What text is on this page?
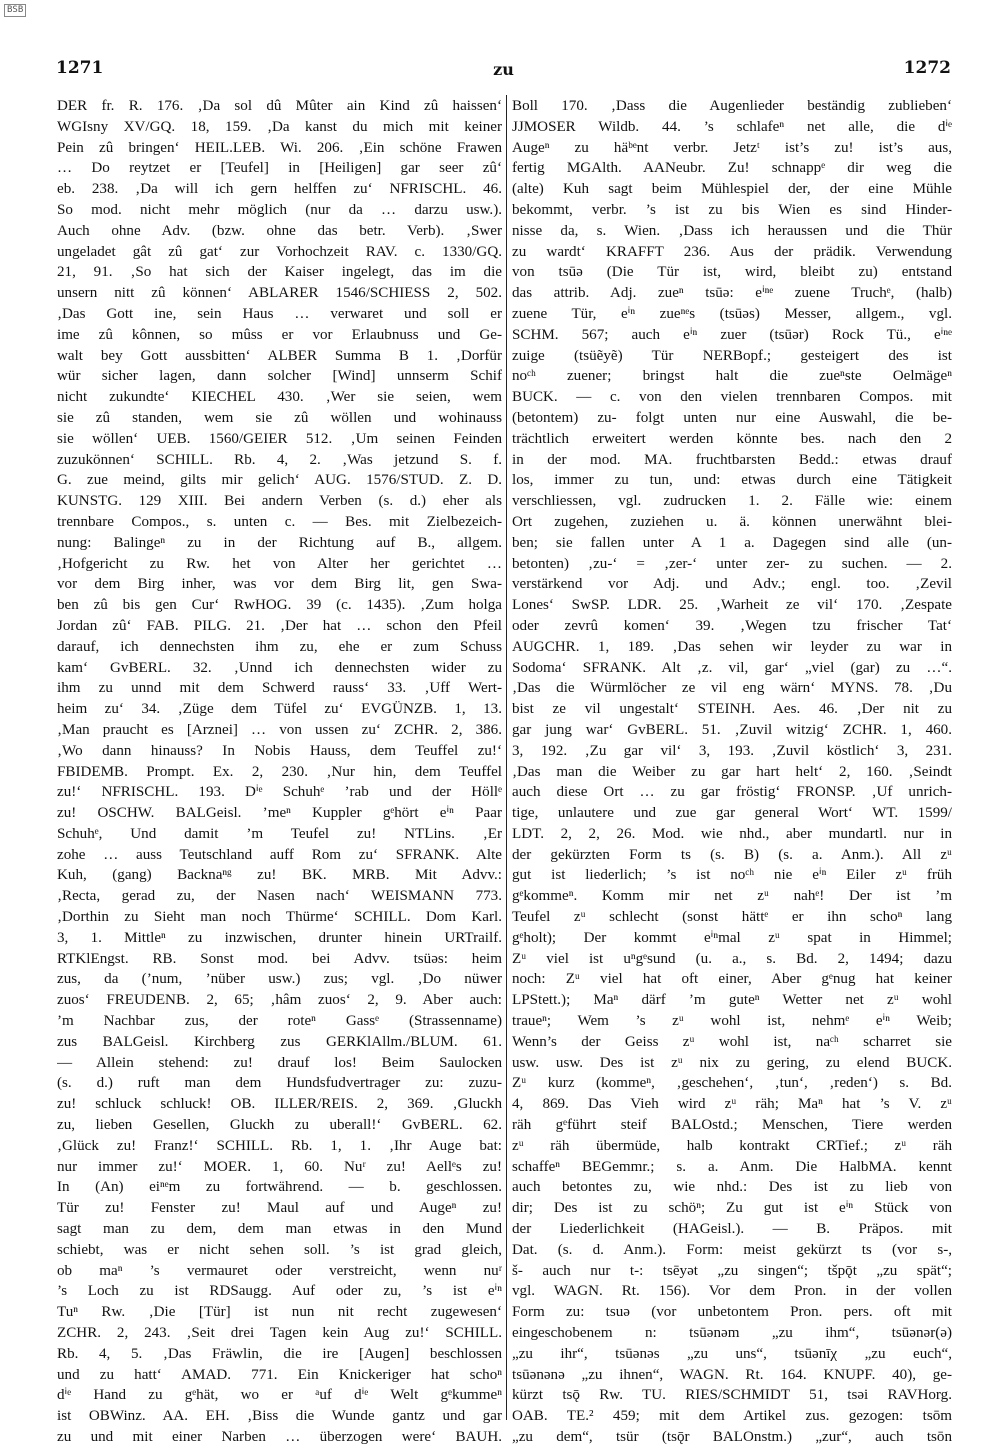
BSB
1271	zu	1272
DER fr. R. 176. ‚Da sol dû Mûter ain Kind zû haissen‘
WGIsny XV/GQ. 18, 159. ‚Da kanst du mich mit keiner
Pein zû bringen‘ HEIL.LEB. Wi. 206. ‚Ein schöne Frawen
… Do reytzet er [Teufel] in [Heiligen] gar seer zû‘
eb. 238. ‚Da will ich gern helffen zu‘ NFRISCHL. 46.
So mod. nicht mehr möglich (nur da … darzu usw.).
Auch ohne Adv. (bzw. ohne das betr. Verb). ‚Swer
ungeladet gât zû gat‘ zur Vorhochzeit RAV. c. 1330/GQ.
21, 91. ‚So hat sich der Kaiser ingelegt, das im die
unsern nitt zû können‘ ABLARER 1546/SCHIESS 2, 502.
‚Das Gott ine, sein Haus … verwaret und soll er
ime zû kônnen, so mûss er vor Erlaubnuss und Ge-
walt bey Gott aussbitten‘ ALBER Summa B 1. ‚Dorfür
wür sicher lagen, dann solcher [Wind] unnserm Schif
nicht zukundte‘ KIECHEL 430. ‚Wer sie seien, wem
sie zû standen, wem sie zû wöllen und wohinauss
sie wöllen‘ UEB. 1560/GEIER 512. ‚Um seinen Feinden
zuzukönnen‘ SCHILL. Rb. 4, 2. ‚Was jetzund S. f.
G. zue meind, gilts mir gelich‘ AUG. 1576/STUD. Z. D.
KUNSTG. 129 XIII. Bei andern Verben (s. d.) eher als
trennbare Compos., s. unten c. — Bes. mit Zielbezeich-
nung: Balingeⁿ zu in der Richtung auf B., allgem.
‚Hofgericht zu Rw. het von Alter her gerichtet …
vor dem Birg inher, was vor dem Birg lit, gen Swa-
ben zû bis gen Cur‘ RwHOG. 39 (c. 1435). ‚Zum holga
Jordan zû‘ FAB. PILG. 21. ‚Der hat … schon den Pfeil
darauf, ich dennechsten ihm zu, ehe er zum Schuss
kam‘ GvBERL. 32. ‚Unnd ich dennechsten wider zu
ihm zu unnd mit dem Schwerd rauss‘ 33. ‚Uff Wert-
heim zu‘ 34. ‚Züge dem Tüfel zu‘ EVGÜNZB. 1, 13.
‚Man praucht es [Arznei] … von ussen zu‘ ZCHR. 2, 386.
‚Wo dann hinauss? In Nobis Hauss, dem Teuffel zu!‘
FBIDEMB. Prompt. Ex. 2, 230. ‚Nur hin, dem Teuffel
zu!‘ NFRISCHL. 193. Dⁱᵉ Schuhᵉ ’rab und der Höllᵉ
zu! OSCHW. BALGeisl. ’meⁿ Kuppler gᵉhört eⁱⁿ Paar
Schuhᵉ, Und damit ’m Teufel zu! NTLins. ‚Er
zohe … auss Teutschland auff Rom zu‘ SFRANK. Alte
Kuh, (gang) Backnaⁿᵍ zu! BK. MRB. Mit Advv.:
‚Recta, gerad zu, der Nasen nach‘ WEISMANN 773.
‚Dorthin zu Sieht man noch Thürme‘ SCHILL. Dom Karl.
3, 1. Mittleⁿ zu inzwischen, drunter hinein URTrailf.
RTKlEngst. RB. Sonst mod. bei Advv. tsüəs: heim
zus, da (’num, ’nüber usw.) zus; vgl. ‚Do nüwer
zuos‘ FREUDENB. 2, 65; ‚hâm zuos‘ 2, 9. Aber auch:
’m Nachbar zus, der roteⁿ Gassᵉ (Strassenname)
zus BALGeisl. Kirchberg zus GERKlAllm./BLUM. 61.
— Allein stehend: zu! drauf los! Beim Saulocken
(s. d.) ruft man dem Hundsfudvertrager zu: zuzu-
zu! schluck schluck! OB. ILLER/REIS. 2, 369. ‚Gluckh
zu, lieben Gesellen, Gluckh zu uberall!‘ GvBERL. 62.
‚Glück zu! Franz!‘ SCHILL. Rb. 1, 1. ‚Ihr Auge bat:
nur immer zu!‘ MOER. 1, 60. Nuʳ zu! Aellᵉs zu!
In (An) eiⁿᵉm zu fortwährend. — b. geschlossen.
Tür zu! Fenster zu! Maul auf und Augeⁿ zu!
sagt man zu dem, dem man etwas in den Mund
schiebt, was er nicht sehen soll. ’s ist grad gleich,
ob maⁿ ’s vermauret oder verstreicht, wenn nuʳ
’s Loch zu ist RDSaugg. Auf oder zu, ’s ist eⁱⁿ
Tuⁿ Rw. ‚Die [Tür] ist nun nit recht zugewesen‘
ZCHR. 2, 243. ‚Seit drei Tagen kein Aug zu!‘ SCHILL.
Rb. 4, 5. ‚Das Fräwlin, die ire [Augen] beschlossen
und zu hatt‘ AMAD. 771. Ein Knickeriger hat schoⁿ
dⁱᵉ Hand zu gᵉhät, wo er ᵃuf dⁱᵉ Welt gᵉkummeⁿ
ist OBWinz. AA. EH. ‚Biss die Wunde gantz und gar
zu und mit einer Narben … überzogen were‘ BAUH.
Boll 170. ‚Dass die Augenlieder beständig zublieben‘
JJMOSER Wildb. 44. ’s schlafeⁿ net alle, die dⁱᵉ
Augeⁿ zu häᵇᵉnt verbr. Jetzᵗ ist’s zu! ist’s aus,
fertig MGAlth. AANeubr. Zu! schnappᵉ dir weg die
(alte) Kuh sagt beim Mühlespiel der, der eine Mühle
bekommt, verbr. ’s ist zu bis Wien es sind Hinder-
nisse da, s. Wien. ‚Dass ich heraussen und die Thür
zu wardt‘ KRAFFT 236. Aus der prädik. Verwendung
von tsūə (Die Tür ist, wird, bleibt zu) entstand
das attrib. Adj. zueⁿ tsūə: eⁱⁿᵉ zuene Truchᵉ, (halb)
zuene Tür, eⁱⁿ zueⁿᵉs (tsūəs) Messer, allgem., vgl.
SCHM. 567; auch eⁱⁿ zuer (tsūər) Rock Tü., eⁱⁿᵉ
zuige (tsüẽyẽ) Tür NERBopf.; gesteigert des ist
noᶜʰ zuener; bringst halt die zueⁿste Oelmägeⁿ
BUCK. — c. von den vielen trennbaren Compos. mit
(betontem) zu- folgt unten nur eine Auswahl, die be-
trächtlich erweitert werden könnte bes. nach den 2
in der mod. MA. fruchtbarsten Bedd.: etwas drauf
los, immer zu tun, und: etwas durch eine Tätigkeit
verschliessen, vgl. zudrucken 1. 2. Fälle wie: einem
Ort zugehen, zuziehen u. ä. können unerwähnt blei-
ben; sie fallen unter A 1 a. Dagegen sind alle (un-
betonten) ‚zu-‘ = ‚zer-‘ unter zer- zu suchen. — 2.
verstärkend vor Adj. und Adv.; engl. too. ‚Zevil
Lones‘ SwSP. LDR. 25. ‚Warheit ze vil‘ 170. ‚Zespate
oder zevrû komen‘ 39. ‚Wegen tzu frischer Tat‘
AUGCHR. 1, 189. ‚Das sehen wir leyder zu war in
Sodoma‘ SFRANK. Alt ‚z. vil, gar‘ „viel (gar) zu …“.
‚Das die Würmlöcher ze vil eng wärn‘ MYNS. 78. ‚Du
bist ze vil ungestalt‘ STEINH. Aes. 46. ‚Der nit zu
gar jung war‘ GvBERL. 51. ‚Zuvil witzig‘ ZCHR. 1, 460.
3, 192. ‚Zu gar vil‘ 3, 193. ‚Zuvil köstlich‘ 3, 231.
‚Das man die Weiber zu gar hart helt‘ 2, 160. ‚Seindt
auch diese Ort … zu gar fröstig‘ FRONSP. ‚Uf unrich-
tige, unlautere und zue gar general Wort‘ WT. 1599/
LDT. 2, 2, 26. Mod. wie nhd., aber mundartl. nur in
der gekürzten Form ts (s. B) (s. a. Anm.). All zᵘ
gut ist liederlich; ’s ist noᶜʰ nie eⁱⁿ Eiler zᵘ früh
gᵉkommeⁿ. Komm mir net zᵘ nahᵉ! Der ist ’m
Teufel zᵘ schlecht (sonst hättᵉ er ihn schoⁿ lang
gᵉholt); Der kommt eⁱⁿmal zᵘ spat in Himmel;
Zᵘ viel ist uⁿgᵉsund (u. a., s. Bd. 2, 1494; dazu
noch: Zᵘ viel hat oft einer, Aber gᵉnug hat keiner
LPStett.); Maⁿ därf ’m guteⁿ Wetter net zᵘ wohl
traueⁿ; Wem ’s zᵘ wohl ist, nehmᵉ eⁱⁿ Weib;
Wenn’s der Geiss zᵘ wohl ist, naᶜʰ scharret sie
usw. usw. Des ist zᵘ nix zu gering, zu elend BUCK.
Zᵘ kurz (kommeⁿ, ‚geschehen‘, ‚tun‘, ‚reden‘) s. Bd.
4, 869. Das Vieh wird zᵘ räh; Maⁿ hat ’s V. zᵘ
räh gᵉführt steif BALOstd.; Menschen, Tiere werden
zᵘ räh übermüde, halb kontrakt CRTief.; zᵘ räh
schaffeⁿ BEGemmr.; s. a. Anm. Die HalbMA. kennt
auch betontes zu, wie nhd.: Des ist zu lieb von
dir; Des ist zu schöⁿ; Zu gut ist eⁱⁿ Stück von
der Liederlichkeit (HAGeisl.). — B. Präpos. mit
Dat. (s. d. Anm.). Form: meist gekürzt ts (vor s-,
š- auch nur t-: tsēyət „zu singen“; tšpǭt „zu spät“;
vgl. WAGN. Rt. 156). Vor dem Pron. in der vollen
Form zu: tsuə (vor unbetontem Pron. pers. oft mit
eingeschobenem n: tsūənəm „zu ihm“, tsūənər(ə)
„zu ihr“, tsūənəs „zu uns“, tsūənīχ „zu euch“,
tsūənənə „zu ihnen“, WAGN. Rt. 164. KNUPF. 40), ge-
kürzt tsǭ Rw. TU. RIES/SCHMIDT 51, tsəi RAVHorg.
OAB. TE.² 459; mit dem Artikel zus. gezogen: tsōm
„zu dem“, tsür (tsǭr BALOnstm.) „zur“, auch tsōn
